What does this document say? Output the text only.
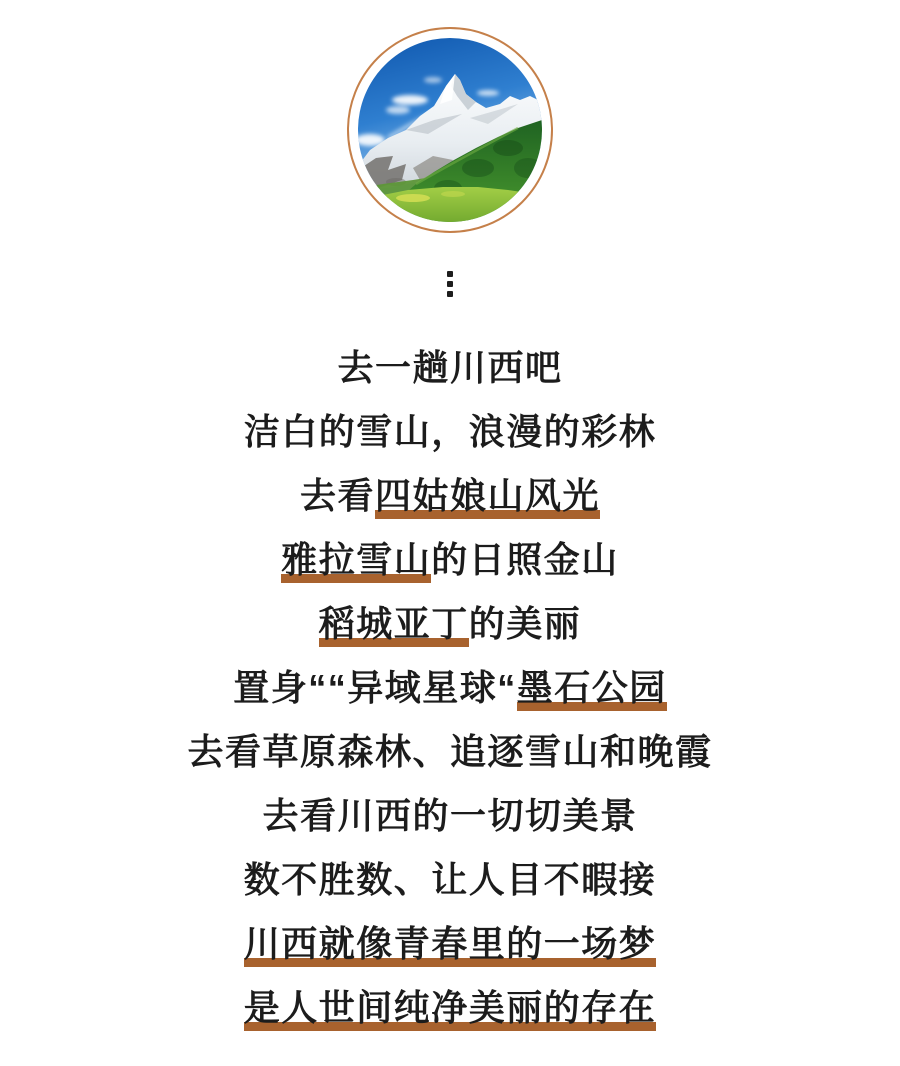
去一趟川西吧
洁白的雪山，浪漫的彩林
去看 四姑娘山风光
雅拉雪山 的日照金山
稻城亚丁 的美丽
置身““异域星球“ 墨石公园
去看草原森林、追逐雪山和晚霞
去看川西的一切切美景
数不胜数、让人目不暇接
川西就像青春里的一场梦
是人世间纯净美丽的存在
